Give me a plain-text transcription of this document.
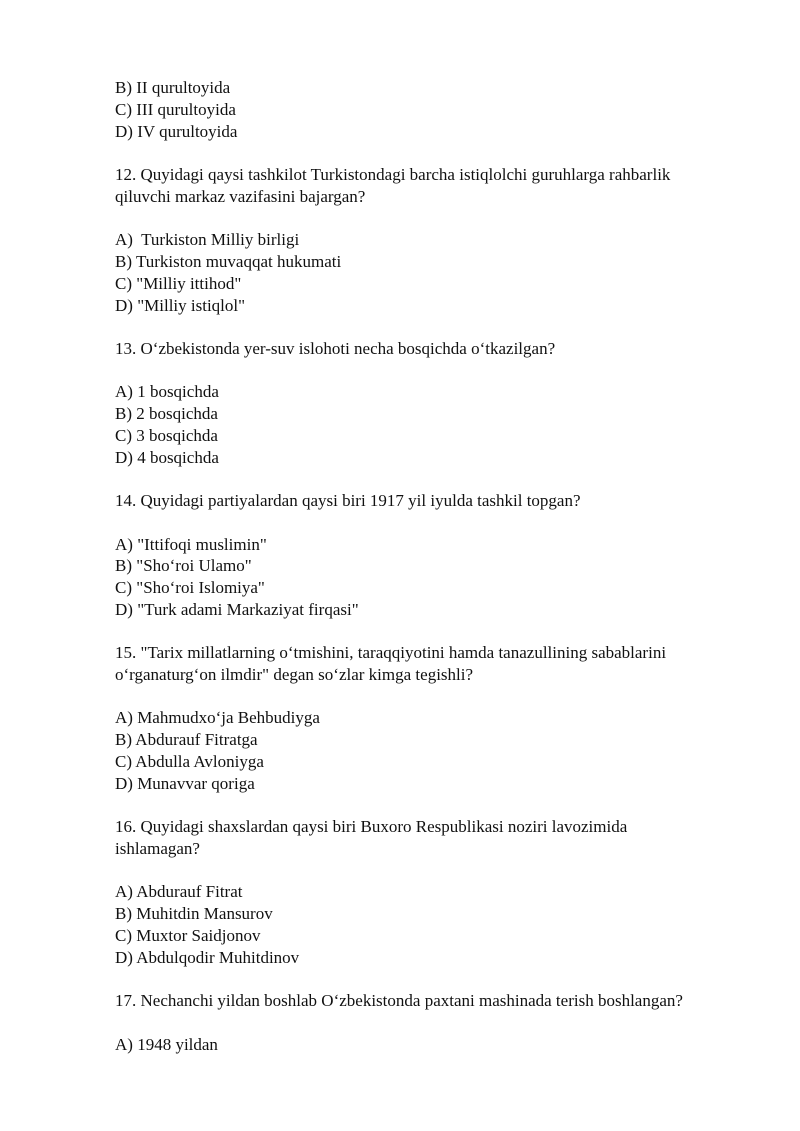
B) II qurultoyida
C) III qurultoyida
D) IV qurultoyida
12. Quyidagi qaysi tashkilot Turkistondagi barcha istiqlolchi guruhlarga rahbarlik
qiluvchi markaz vazifasini bajargan?
A)  Turkiston Milliy birligi
B) Turkiston muvaqqat hukumati
C) "Milliy ittihod"
D) "Milliy istiqlol"
13. O‘zbekistonda yer-suv islohoti necha bosqichda o‘tkazilgan?
A) 1 bosqichda
B) 2 bosqichda
C) 3 bosqichda
D) 4 bosqichda
14. Quyidagi partiyalardan qaysi biri 1917 yil iyulda tashkil topgan?
A) "Ittifoqi muslimin"
B) "Sho‘roi Ulamo"
C) "Sho‘roi Islomiya"
D) "Turk adami Markaziyat firqasi"
15. "Tarix millatlarning o‘tmishini, taraqqiyotini hamda tanazullining sabablarini
o‘rganaturg‘on ilmdir" degan so‘zlar kimga tegishli?
A) Mahmudxo‘ja Behbudiyga
B) Abdurauf Fitratga
C) Abdulla Avloniyga
D) Munavvar qoriga
16. Quyidagi shaxslardan qaysi biri Buxoro Respublikasi noziri lavozimida
ishlamagan?
A) Abdurauf Fitrat
B) Muhitdin Mansurov
C) Muxtor Saidjonov
D) Abdulqodir Muhitdinov
17. Nechanchi yildan boshlab O‘zbekistonda paxtani mashinada terish boshlangan?
A) 1948 yildan
